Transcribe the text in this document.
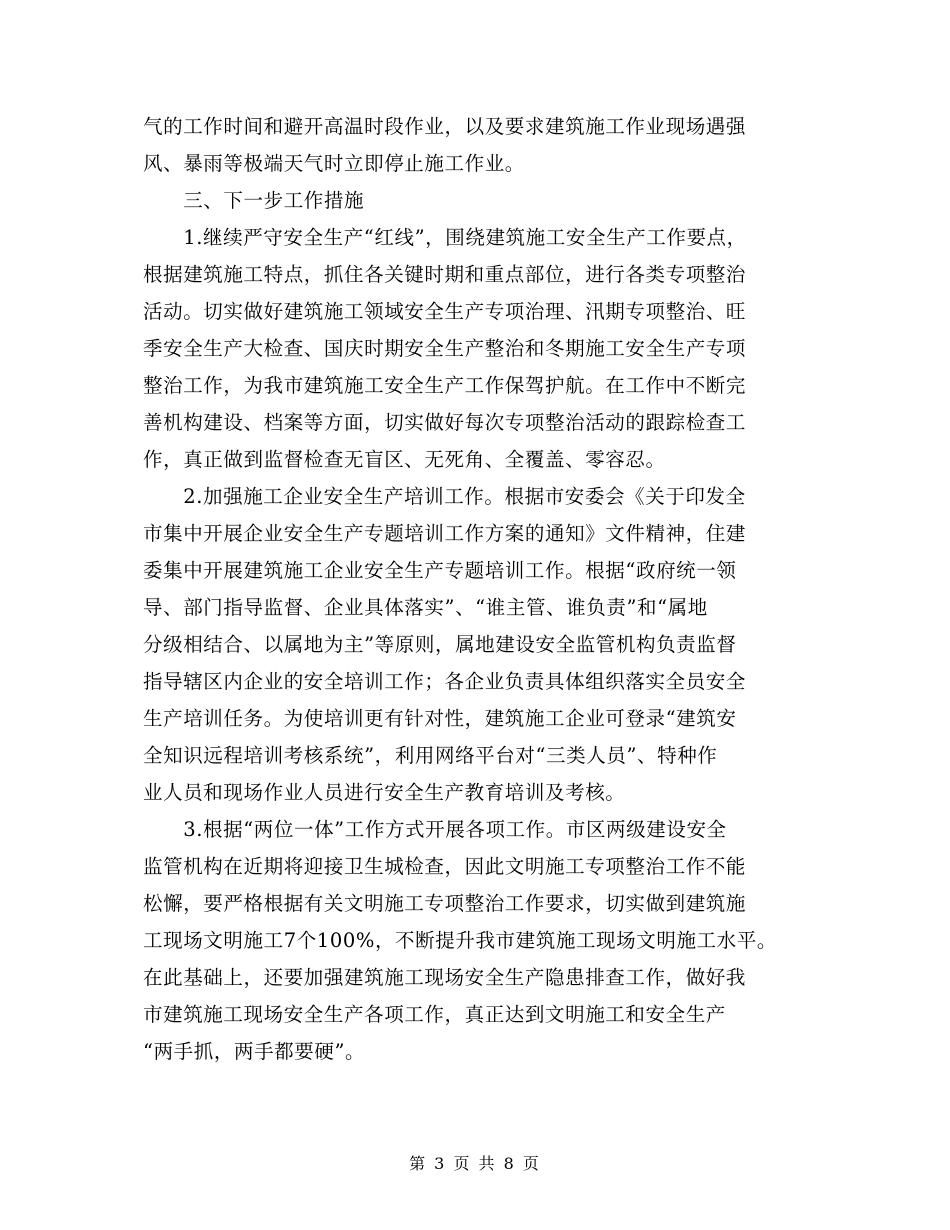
气的工作时间和避开高温时段作业，以及要求建筑施工作业现场遇强
风、暴雨等极端天气时立即停止施工作业。
　　三、下一步工作措施
　　1.继续严守安全生产“红线”，围绕建筑施工安全生产工作要点，
根据建筑施工特点，抓住各关键时期和重点部位，进行各类专项整治
活动。切实做好建筑施工领域安全生产专项治理、汛期专项整治、旺
季安全生产大检查、国庆时期安全生产整治和冬期施工安全生产专项
整治工作，为我市建筑施工安全生产工作保驾护航。在工作中不断完
善机构建设、档案等方面，切实做好每次专项整治活动的跟踪检查工
作，真正做到监督检查无盲区、无死角、全覆盖、零容忍。
　　2.加强施工企业安全生产培训工作。根据市安委会《关于印发全
市集中开展企业安全生产专题培训工作方案的通知》文件精神，住建
委集中开展建筑施工企业安全生产专题培训工作。根据“政府统一领
导、部门指导监督、企业具体落实”、“谁主管、谁负责”和“属地
分级相结合、以属地为主”等原则，属地建设安全监管机构负责监督
指导辖区内企业的安全培训工作；各企业负责具体组织落实全员安全
生产培训任务。为使培训更有针对性，建筑施工企业可登录“建筑安
全知识远程培训考核系统”，利用网络平台对“三类人员”、特种作
业人员和现场作业人员进行安全生产教育培训及考核。
　　3.根据“两位一体”工作方式开展各项工作。市区两级建设安全
监管机构在近期将迎接卫生城检查，因此文明施工专项整治工作不能
松懈，要严格根据有关文明施工专项整治工作要求，切实做到建筑施
工现场文明施工7个100%，不断提升我市建筑施工现场文明施工水平。
在此基础上，还要加强建筑施工现场安全生产隐患排查工作，做好我
市建筑施工现场安全生产各项工作，真正达到文明施工和安全生产
“两手抓，两手都要硬”。
第 3 页 共 8 页
